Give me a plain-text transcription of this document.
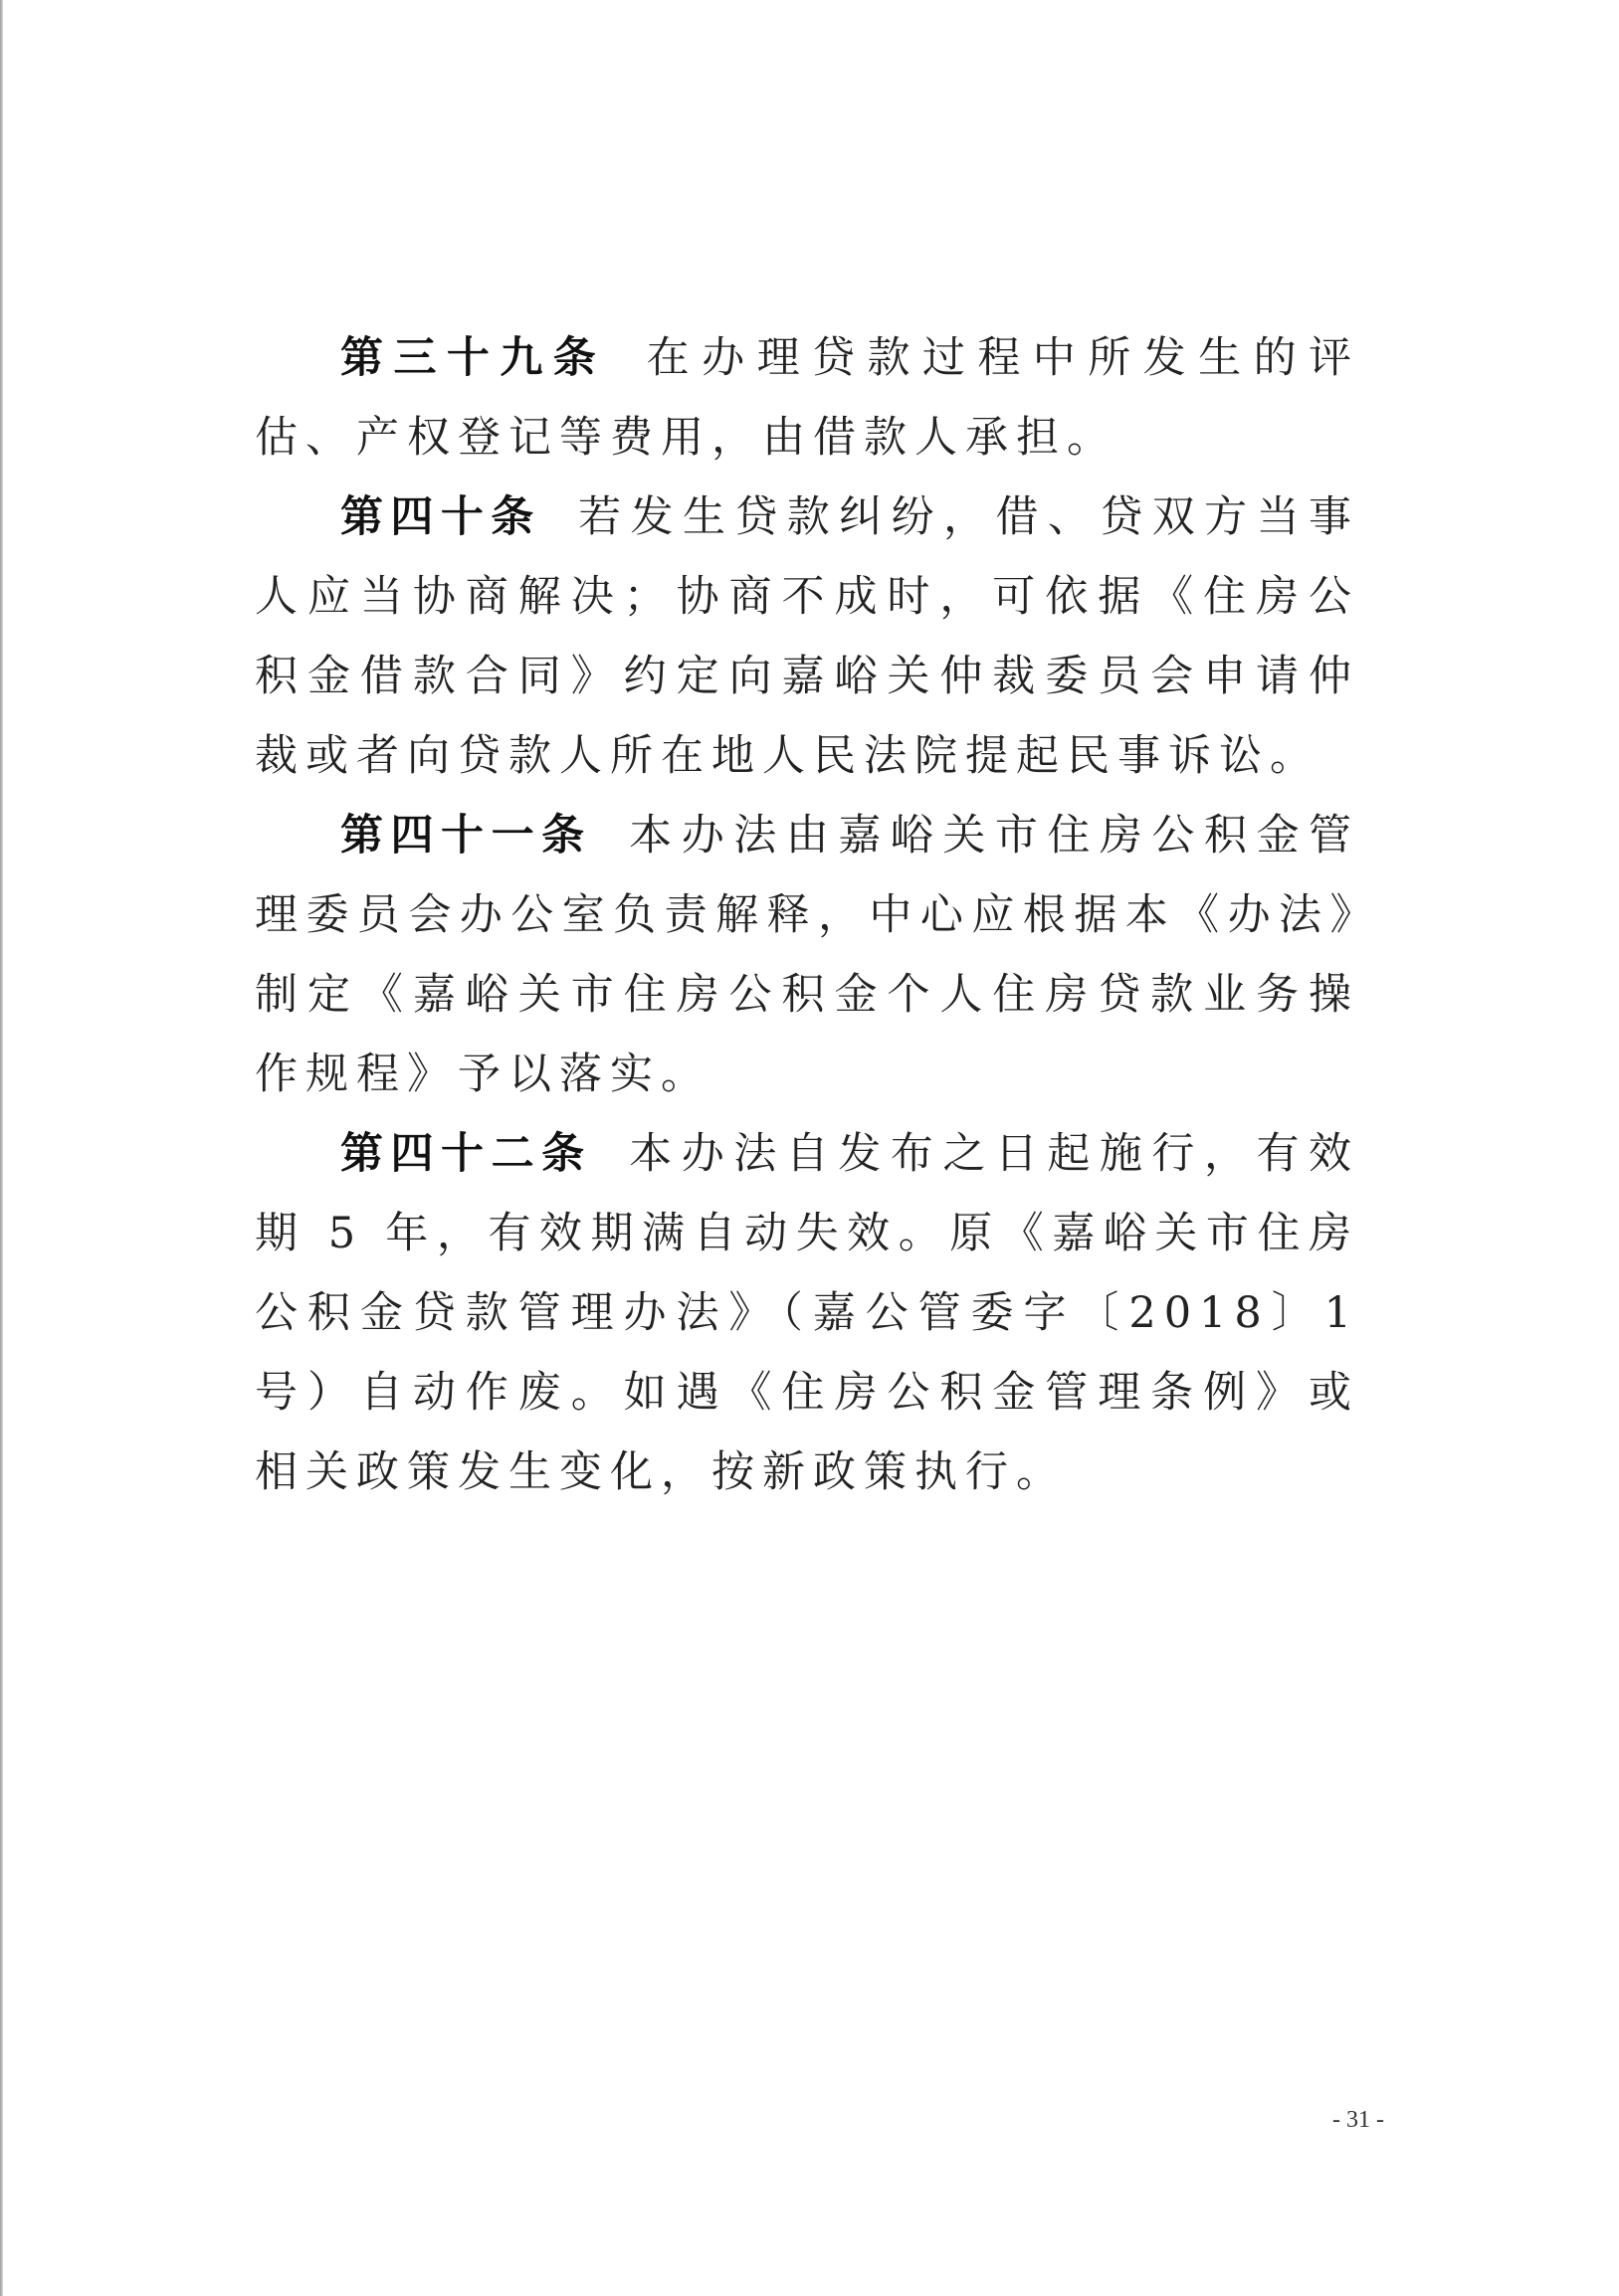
第三十九条 在办理贷款过程中所发生的评估、产权登记等费用，由借款人承担。

第四十条 若发生贷款纠纷，借、贷双方当事人应当协商解决；协商不成时，可依据《住房公积金借款合同》约定向嘉峪关仲裁委员会申请仲裁或者向贷款人所在地人民法院提起民事诉讼。

第四十一条 本办法由嘉峪关市住房公积金管理委员会办公室负责解释，中心应根据本《办法》制定《嘉峪关市住房公积金个人住房贷款业务操作规程》予以落实。

第四十二条 本办法自发布之日起施行，有效期 5 年，有效期满自动失效。原《嘉峪关市住房公积金贷款管理办法》（嘉公管委字〔2018〕1 号）自动作废。如遇《住房公积金管理条例》或相关政策发生变化，按新政策执行。

- 31 -
